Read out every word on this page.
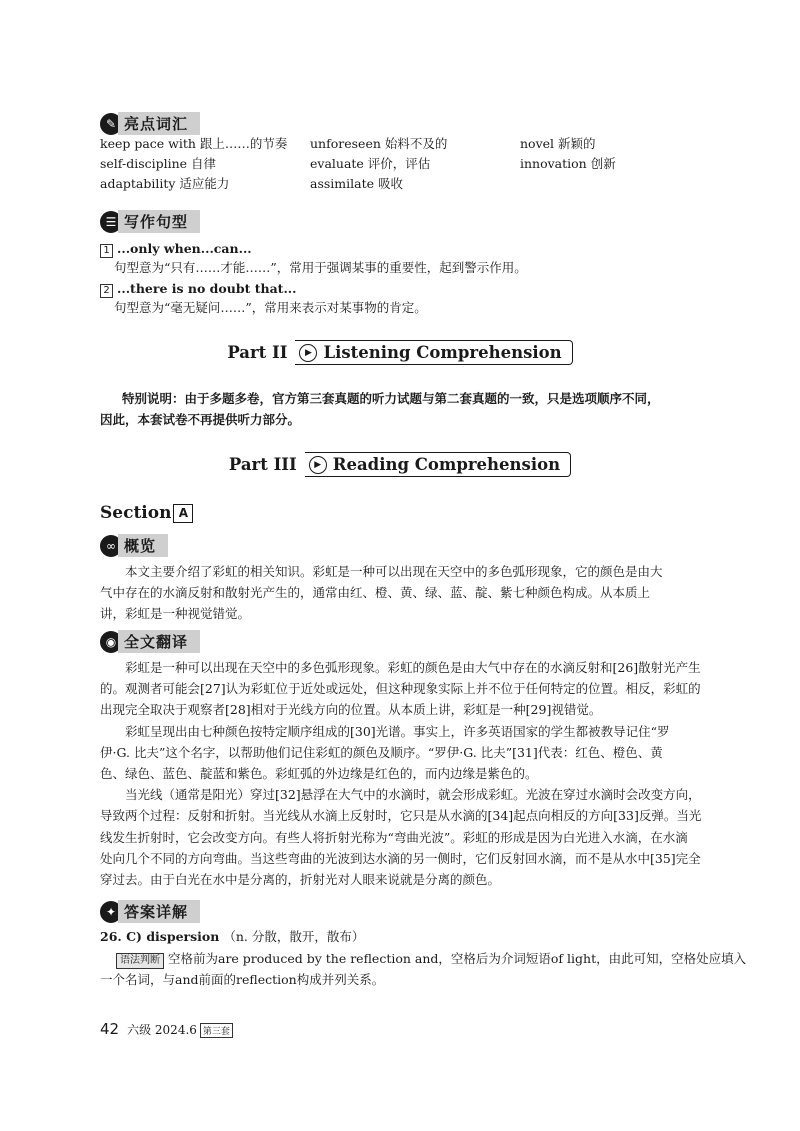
✎ 亮点词汇
keep pace with 跟上……的节奏	unforeseen 始料不及的	novel 新颖的
self-discipline 自律	evaluate 评价，评估	innovation 创新
adaptability 适应能力	assimilate 吸收
☰ 写作句型
1 ...only when...can...
句型意为“只有……才能……”，常用于强调某事的重要性，起到警示作用。
2 ...there is no doubt that...
句型意为“毫无疑问……”，常用来表示对某事物的肯定。
Part II	▶ Listening Comprehension
特别说明：由于多题多卷，官方第三套真题的听力试题与第二套真题的一致，只是选项顺序不同，
因此，本套试卷不再提供听力部分。
Part III	▶ Reading Comprehension
Section A
∞ 概览
本文主要介绍了彩虹的相关知识。彩虹是一种可以出现在天空中的多色弧形现象，它的颜色是由大
气中存在的水滴反射和散射光产生的，通常由红、橙、黄、绿、蓝、靛、紫七种颜色构成。从本质上
讲，彩虹是一种视觉错觉。
◉ 全文翻译
彩虹是一种可以出现在天空中的多色弧形现象。彩虹的颜色是由大气中存在的水滴反射和[26]散射光产生
的。观测者可能会[27]认为彩虹位于近处或远处，但这种现象实际上并不位于任何特定的位置。相反，彩虹的
出现完全取决于观察者[28]相对于光线方向的位置。从本质上讲，彩虹是一种[29]视错觉。
彩虹呈现出由七种颜色按特定顺序组成的[30]光谱。事实上，许多英语国家的学生都被教导记住“罗
伊·G. 比夫”这个名字，以帮助他们记住彩虹的颜色及顺序。“罗伊·G. 比夫”[31]代表：红色、橙色、黄
色、绿色、蓝色、靛蓝和紫色。彩虹弧的外边缘是红色的，而内边缘是紫色的。
当光线（通常是阳光）穿过[32]悬浮在大气中的水滴时，就会形成彩虹。光波在穿过水滴时会改变方向，
导致两个过程：反射和折射。当光线从水滴上反射时，它只是从水滴的[34]起点向相反的方向[33]反弹。当光
线发生折射时，它会改变方向。有些人将折射光称为“弯曲光波”。彩虹的形成是因为白光进入水滴，在水滴
处向几个不同的方向弯曲。当这些弯曲的光波到达水滴的另一侧时，它们反射回水滴，而不是从水中[35]完全
穿过去。由于白光在水中是分离的，折射光对人眼来说就是分离的颜色。
✦ 答案详解
26. C) dispersion （n. 分散，散开，散布）
语法判断 空格前为are produced by the reflection and，空格后为介词短语of light，由此可知，空格处应填入
一个名词，与and前面的reflection构成并列关系。
42 六级 2024.6 第三套
